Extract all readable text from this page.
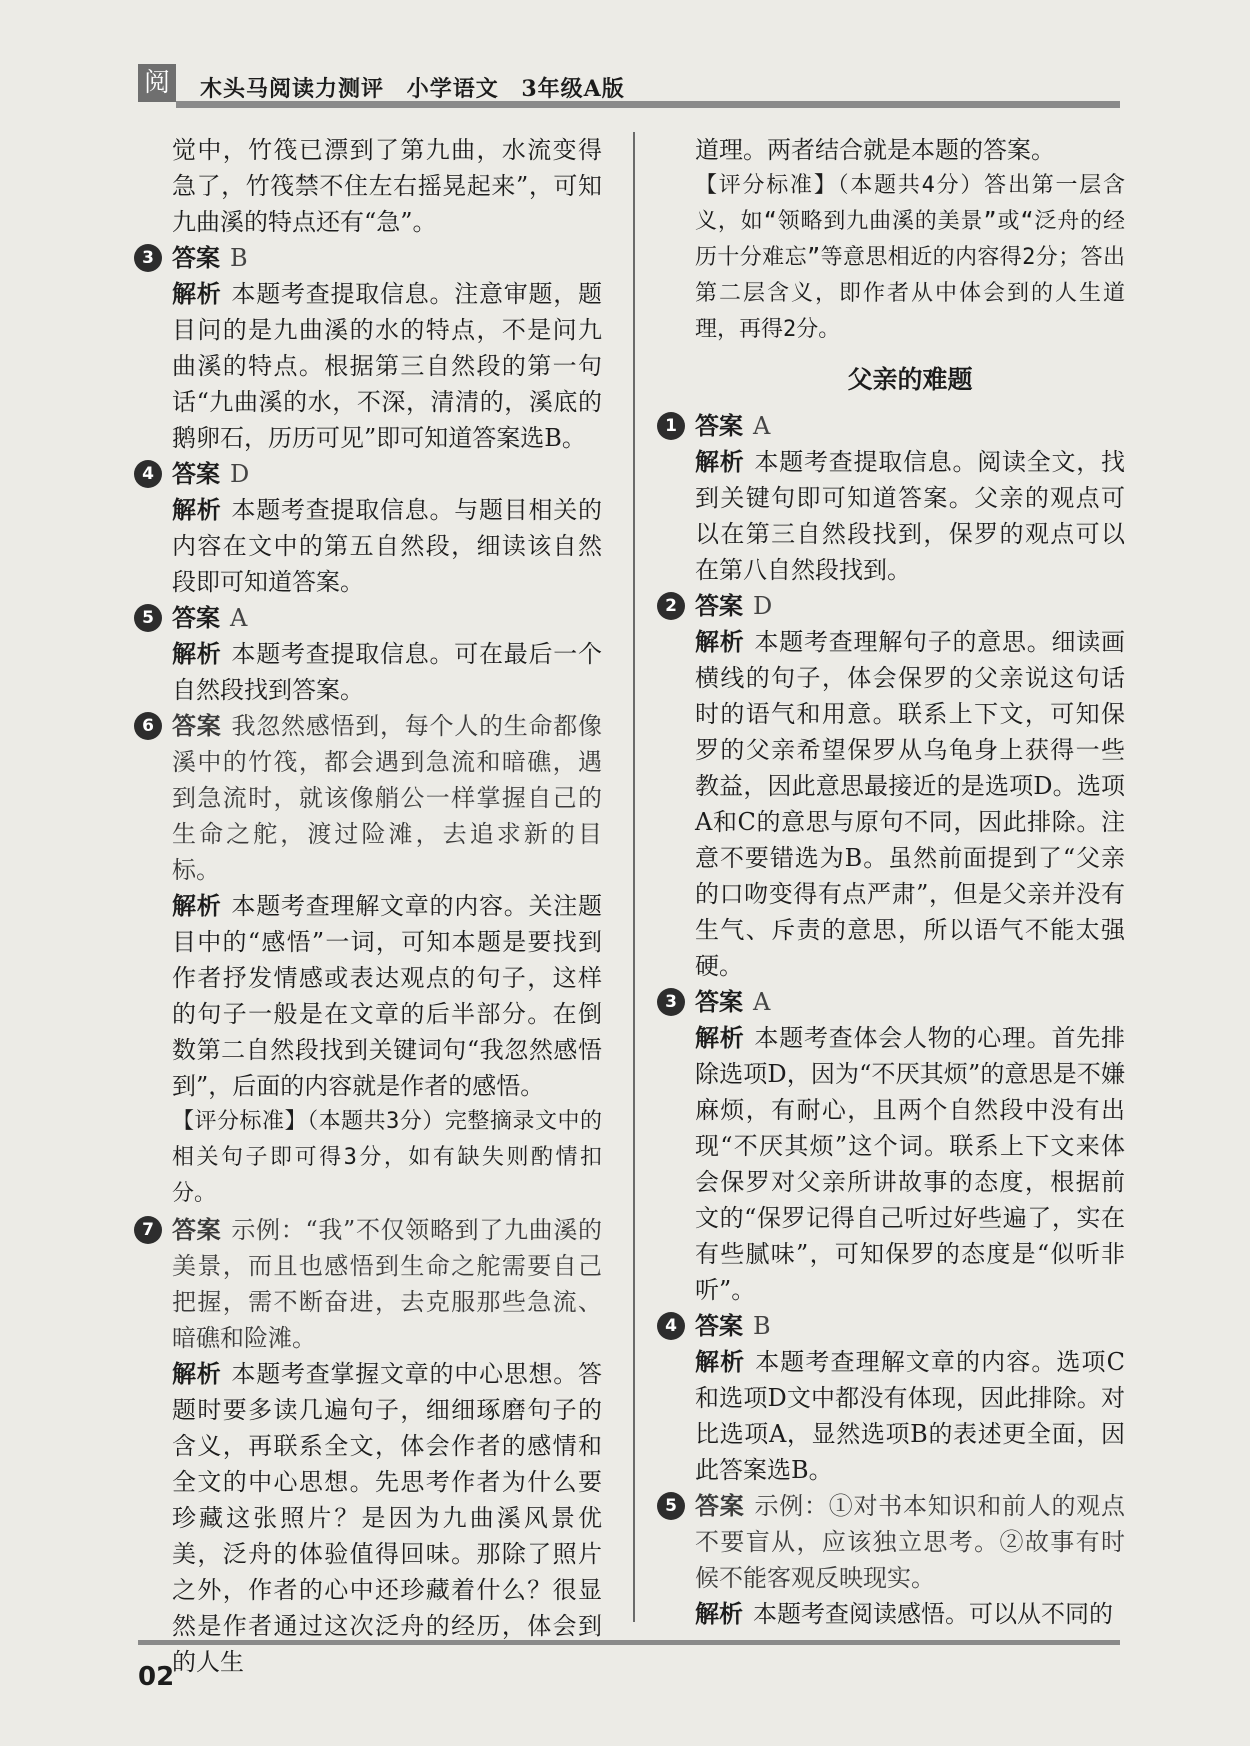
阅 木头马阅读力测评 小学语文 3年级A版

觉中，竹筏已漂到了第九曲，水流变得急了，竹筏禁不住左右摇晃起来”，可知九曲溪的特点还有“急”。

3 答案 B

解析 本题考查提取信息。注意审题，题目问的是九曲溪的水的特点，不是问九曲溪的特点。根据第三自然段的第一句话“九曲溪的水，不深，清清的，溪底的鹅卵石，历历可见”即可知道答案选B。

4 答案 D

解析 本题考查提取信息。与题目相关的内容在文中的第五自然段，细读该自然段即可知道答案。

5 答案 A

解析 本题考查提取信息。可在最后一个自然段找到答案。

6 答案 我忽然感悟到，每个人的生命都像溪中的竹筏，都会遇到急流和暗礁，遇到急流时，就该像艄公一样掌握自己的生命之舵，渡过险滩，去追求新的目标。

解析 本题考查理解文章的内容。关注题目中的“感悟”一词，可知本题是要找到作者抒发情感或表达观点的句子，这样的句子一般是在文章的后半部分。在倒数第二自然段找到关键词句“我忽然感悟到”，后面的内容就是作者的感悟。

【评分标准】（本题共3分）完整摘录文中的相关句子即可得3分，如有缺失则酌情扣分。

7 答案 示例：“我”不仅领略到了九曲溪的美景，而且也感悟到生命之舵需要自己把握，需不断奋进，去克服那些急流、暗礁和险滩。

解析 本题考查掌握文章的中心思想。答题时要多读几遍句子，细细琢磨句子的含义，再联系全文，体会作者的感情和全文的中心思想。先思考作者为什么要珍藏这张照片？是因为九曲溪风景优美，泛舟的体验值得回味。那除了照片之外，作者的心中还珍藏着什么？很显然是作者通过这次泛舟的经历，体会到的人生

道理。两者结合就是本题的答案。

【评分标准】（本题共4分）答出第一层含义，如“领略到九曲溪的美景”或“泛舟的经历十分难忘”等意思相近的内容得2分；答出第二层含义，即作者从中体会到的人生道理，再得2分。

父亲的难题
1 答案 A

解析 本题考查提取信息。阅读全文，找到关键句即可知道答案。父亲的观点可以在第三自然段找到，保罗的观点可以在第八自然段找到。

2 答案 D

解析 本题考查理解句子的意思。细读画横线的句子，体会保罗的父亲说这句话时的语气和用意。联系上下文，可知保罗的父亲希望保罗从乌龟身上获得一些教益，因此意思最接近的是选项D。选项A和C的意思与原句不同，因此排除。注意不要错选为B。虽然前面提到了“父亲的口吻变得有点严肃”，但是父亲并没有生气、斥责的意思，所以语气不能太强硬。

3 答案 A

解析 本题考查体会人物的心理。首先排除选项D，因为“不厌其烦”的意思是不嫌麻烦，有耐心，且两个自然段中没有出现“不厌其烦”这个词。联系上下文来体会保罗对父亲所讲故事的态度，根据前文的“保罗记得自己听过好些遍了，实在有些腻味”，可知保罗的态度是“似听非听”。

4 答案 B

解析 本题考查理解文章的内容。选项C和选项D文中都没有体现，因此排除。对比选项A，显然选项B的表述更全面，因此答案选B。

5 答案 示例：①对书本知识和前人的观点不要盲从，应该独立思考。②故事有时候不能客观反映现实。

解析 本题考查阅读感悟。可以从不同的

02
